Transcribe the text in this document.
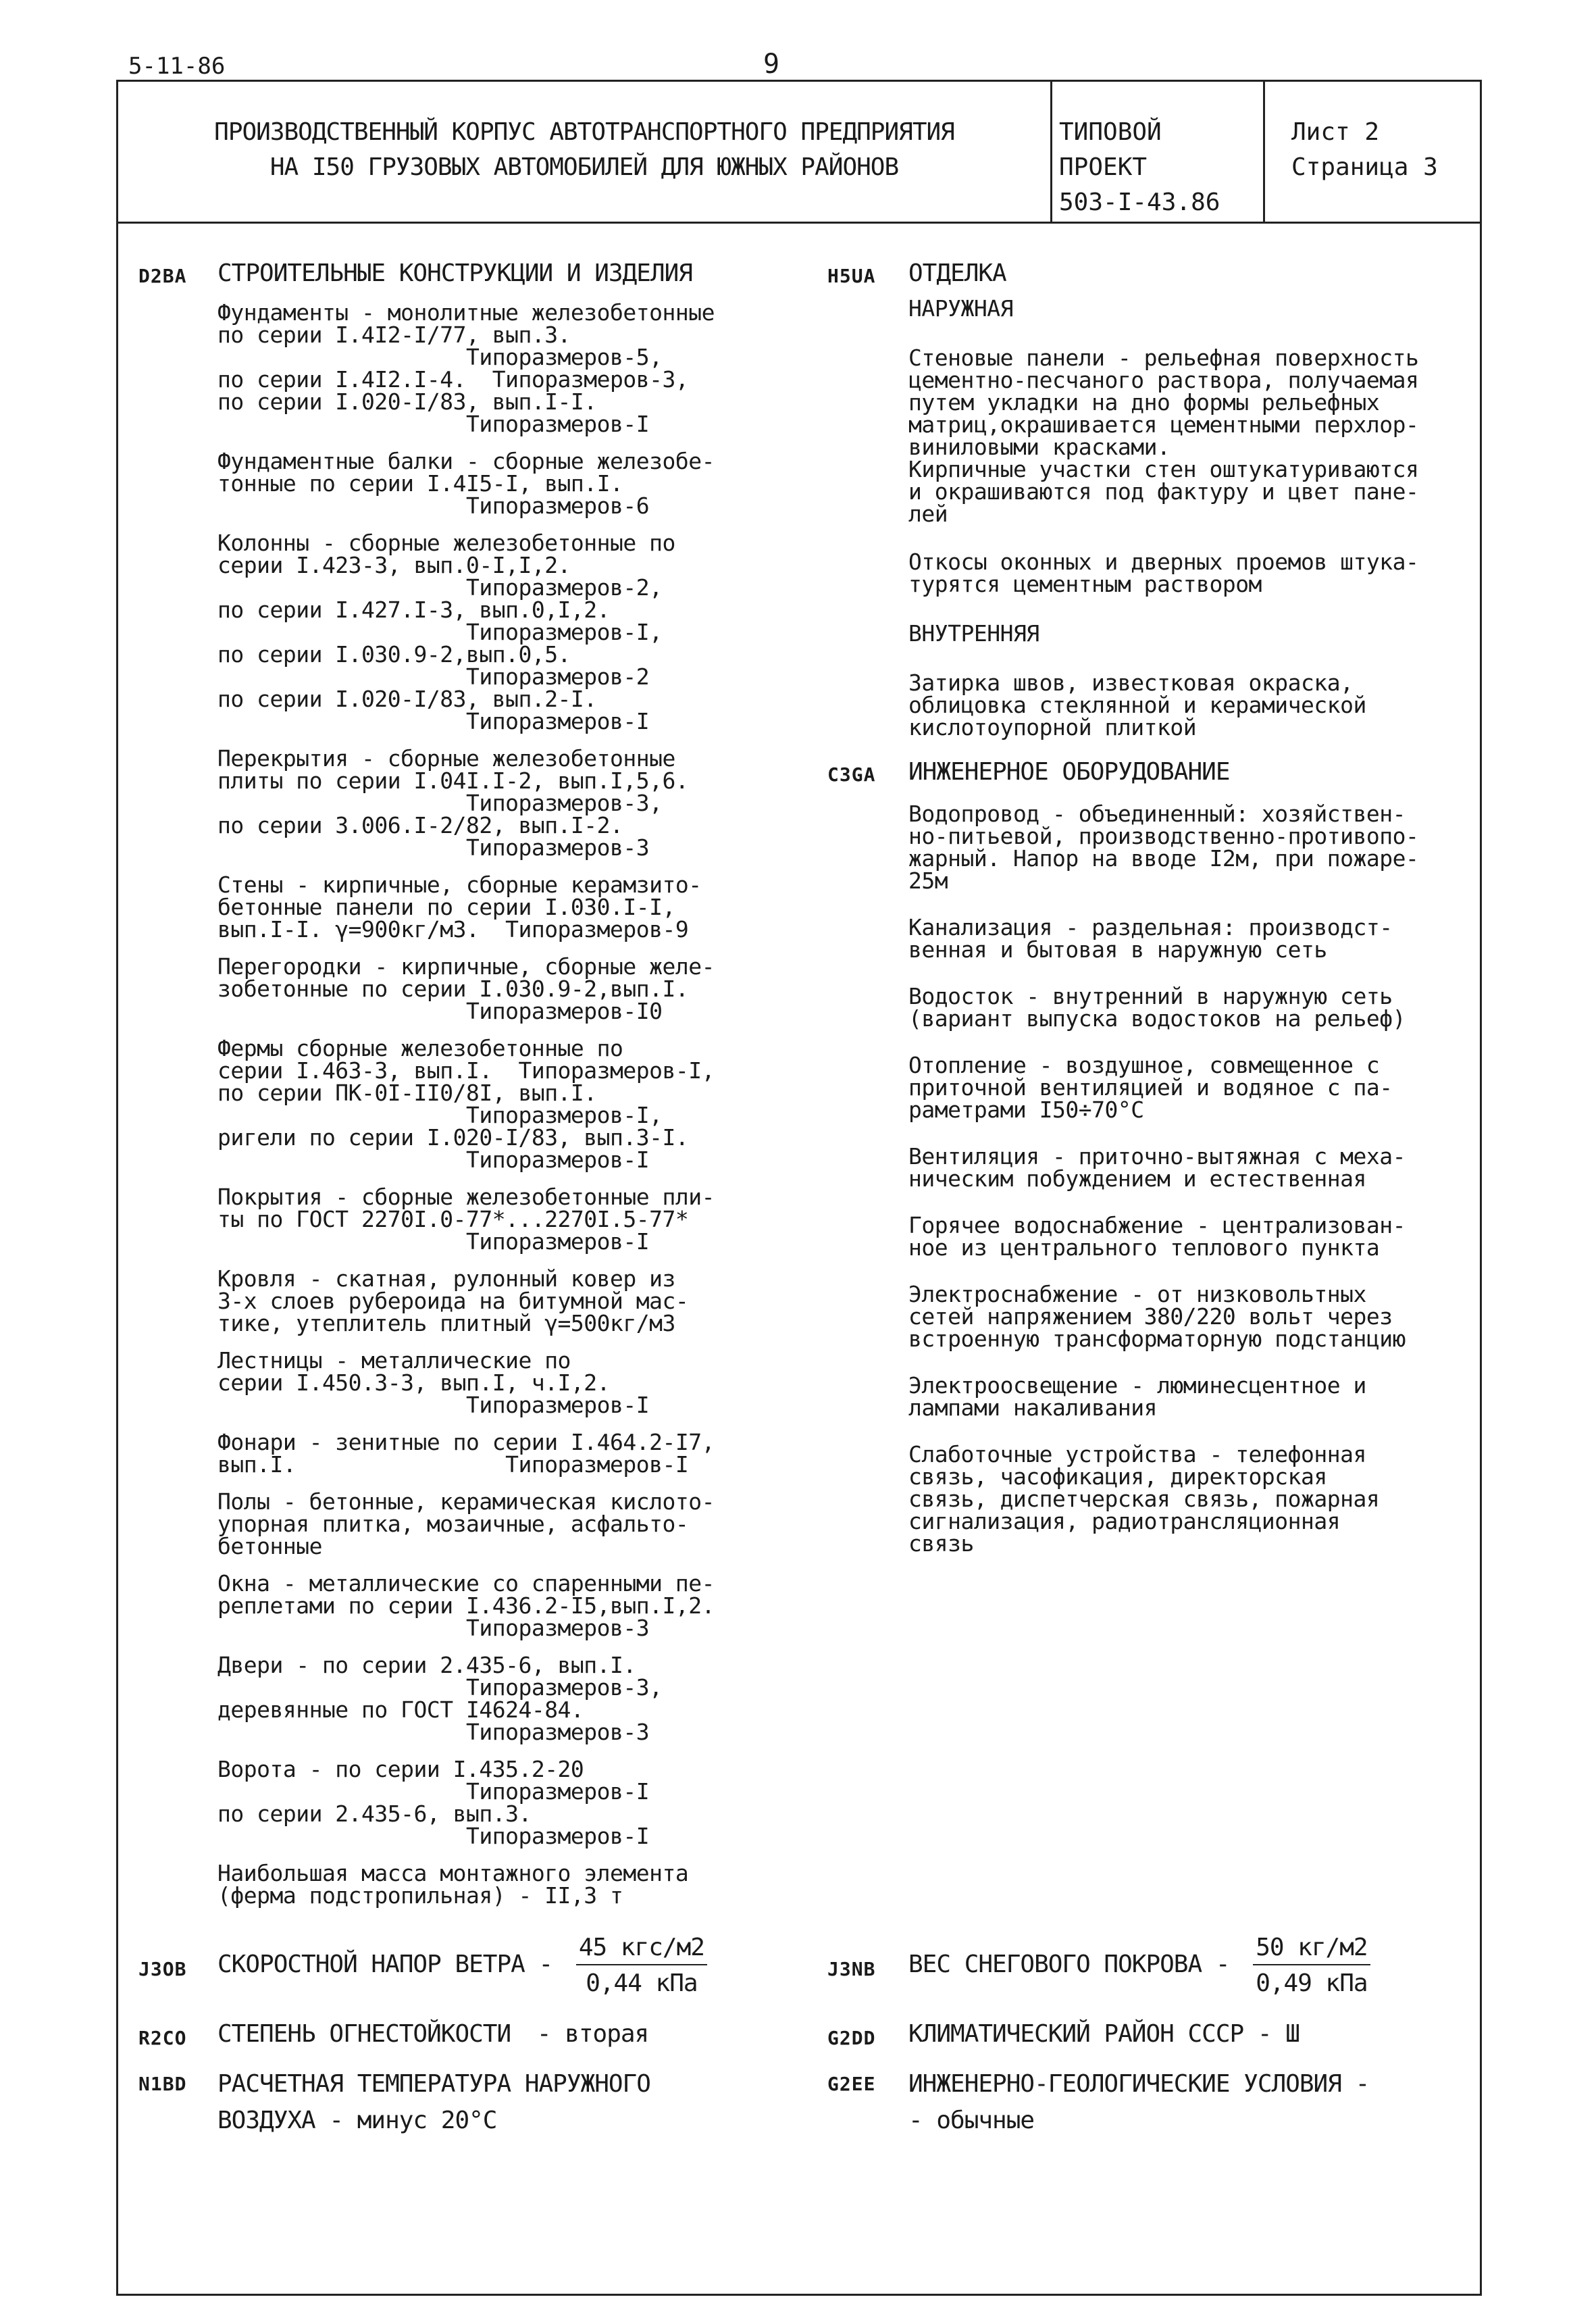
5-11-86	9
ПРОИЗВОДСТВЕННЫЙ КОРПУС АВТОТРАНСПОРТНОГО ПРЕДПРИЯТИЯ
НА I50 ГРУЗОВЫХ АВТОМОБИЛЕЙ ДЛЯ ЮЖНЫХ РАЙОНОВ
ТИПОВОЙ ПРОЕКТ
503-I-43.86
Лист 2
Страница 3
D2BA СТРОИТЕЛЬНЫЕ КОНСТРУКЦИИ И ИЗДЕЛИЯ

Фундаменты - монолитные железобетонные
по серии I.4I2-I/77, вып.3.
Типоразмеров-5,
по серии I.4I2.I-4.  Типоразмеров-3,
по серии I.020-I/83, вып.I-I.
Типоразмеров-I

Фундаментные балки - сборные железобе-
тонные по серии I.4I5-I, вып.I.
Типоразмеров-6

Колонны - сборные железобетонные по
серии I.423-3, вып.0-I,I,2.
Типоразмеров-2,
по серии I.427.I-3, вып.0,I,2.
Типоразмеров-I,
по серии I.030.9-2,вып.0,5.
Типоразмеров-2
по серии I.020-I/83, вып.2-I.
Типоразмеров-I

Перекрытия - сборные железобетонные
плиты по серии I.04I.I-2, вып.I,5,6.
Типоразмеров-3,
по серии 3.006.I-2/82, вып.I-2.
Типоразмеров-3

Стены - кирпичные, сборные керамзито-
бетонные панели по серии I.030.I-I,
вып.I-I. γ=900кг/м3.  Типоразмеров-9

Перегородки - кирпичные, сборные желе-
зобетонные по серии I.030.9-2,вып.I.
Типоразмеров-I0

Фермы сборные железобетонные по
серии I.463-3, вып.I.  Типоразмеров-I,
по серии ПК-0I-II0/8I, вып.I.
Типоразмеров-I,
ригели по серии I.020-I/83, вып.3-I.
Типоразмеров-I

Покрытия - сборные железобетонные пли-
ты по ГОСТ 2270I.0-77*...2270I.5-77*
Типоразмеров-I

Кровля - скатная, рулонный ковер из
3-х слоев рубероида на битумной мас-
тике, утеплитель плитный γ=500кг/м3

Лестницы - металлические по
серии I.450.3-3, вып.I, ч.I,2.
Типоразмеров-I

Фонари - зенитные по серии I.464.2-I7,
вып.I.                Типоразмеров-I

Полы - бетонные, керамическая кислото-
упорная плитка, мозаичные, асфальто-
бетонные

Окна - металлические со спаренными пе-
реплетами по серии I.436.2-I5,вып.I,2.
Типоразмеров-3

Двери - по серии 2.435-6, вып.I.
Типоразмеров-3,
деревянные по ГОСТ I4624-84.
Типоразмеров-3

Ворота - по серии I.435.2-20
Типоразмеров-I
по серии 2.435-6, вып.3.
Типоразмеров-I

Наибольшая масса монтажного элемента
(ферма подстропильная) - II,3 т

H5UA ОТДЕЛКА

НАРУЖНАЯ

Стеновые панели - рельефная поверхность
цементно-песчаного раствора, получаемая
путем укладки на дно формы рельефных
матриц,окрашивается цементными перхлор-
виниловыми красками.
Кирпичные участки стен оштукатуриваются
и окрашиваются под фактуру и цвет пане-
лей

Откосы оконных и дверных проемов штука-
турятся цементным раствором

ВНУТРЕННЯЯ

Затирка швов, известковая окраска,
облицовка стеклянной и керамической
кислотоупорной плиткой

C3GA ИНЖЕНЕРНОЕ ОБОРУДОВАНИЕ

Водопровод - объединенный: хозяйствен-
но-питьевой, производственно-противопо-
жарный. Напор на вводе I2м, при пожаре-
25м

Канализация - раздельная: производст-
венная и бытовая в наружную сеть

Водосток - внутренний в наружную сеть
(вариант выпуска водостоков на рельеф)

Отопление - воздушное, совмещенное с
приточной вентиляцией и водяное с па-
раметрами I50÷70°С

Вентиляция - приточно-вытяжная с меха-
ническим побуждением и естественная

Горячее водоснабжение - централизован-
ное из центрального теплового пункта

Электроснабжение - от низковольтных
сетей напряжением 380/220 вольт через
встроенную трансформаторную подстанцию

Электроосвещение - люминесцентное и
лампами накаливания

Слаботочные устройства - телефонная
связь, часофикация, директорская
связь, диспетчерская связь, пожарная
сигнализация, радиотрансляционная
связь

J3OB СКОРОСТНОЙ НАПОР ВЕТРА - $\frac{\text{45 кгс/м2}}{\text{0,44 кПа}}$	J3NB ВЕС СНЕГОВОГО ПОКРОВА - $\frac{50 кг/м2}{\text{0,49 кПа}}$
R2CO СТЕПЕНЬ ОГНЕСТОЙКОСТИ - вторая	G2DD КЛИМАТИЧЕСКИЙ РАЙОН СССР - Ш
N1BD РАСЧЕТНАЯ ТЕМПЕРАТУРА НАРУЖНОГО
ВОЗДУХА - минус 20°С
G2EE ИНЖЕНЕРНО-ГЕОЛОГИЧЕСКИЕ УСЛОВИЯ -
- обычные
